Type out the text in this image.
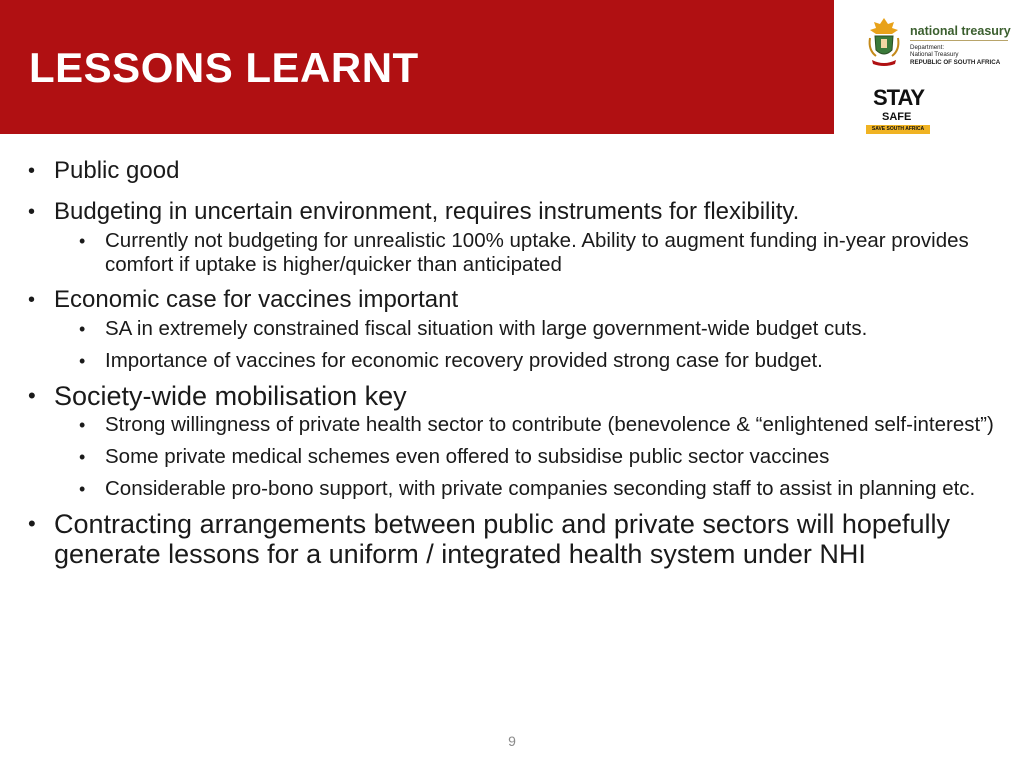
LESSONS LEARNT
national treasury
Department:
National Treasury
REPUBLIC OF SOUTH AFRICA
STAY
SAFE
SAVE SOUTH AFRICA
• Public good
• Budgeting in uncertain environment, requires instruments for flexibility.
• Currently not budgeting for unrealistic 100% uptake. Ability to augment funding in-year provides comfort if uptake is higher/quicker than anticipated
• Economic case for vaccines important
• SA in extremely constrained fiscal situation with large government-wide budget cuts.
• Importance of vaccines for economic recovery provided strong case for budget.
• Society-wide mobilisation key
• Strong willingness of private health sector to contribute (benevolence & “enlightened self-interest”)
• Some private medical schemes even offered to subsidise public sector vaccines
• Considerable pro-bono support, with private companies seconding staff to assist in planning etc.
• Contracting arrangements between public and private sectors will hopefully generate lessons for a uniform / integrated health system under NHI
9
